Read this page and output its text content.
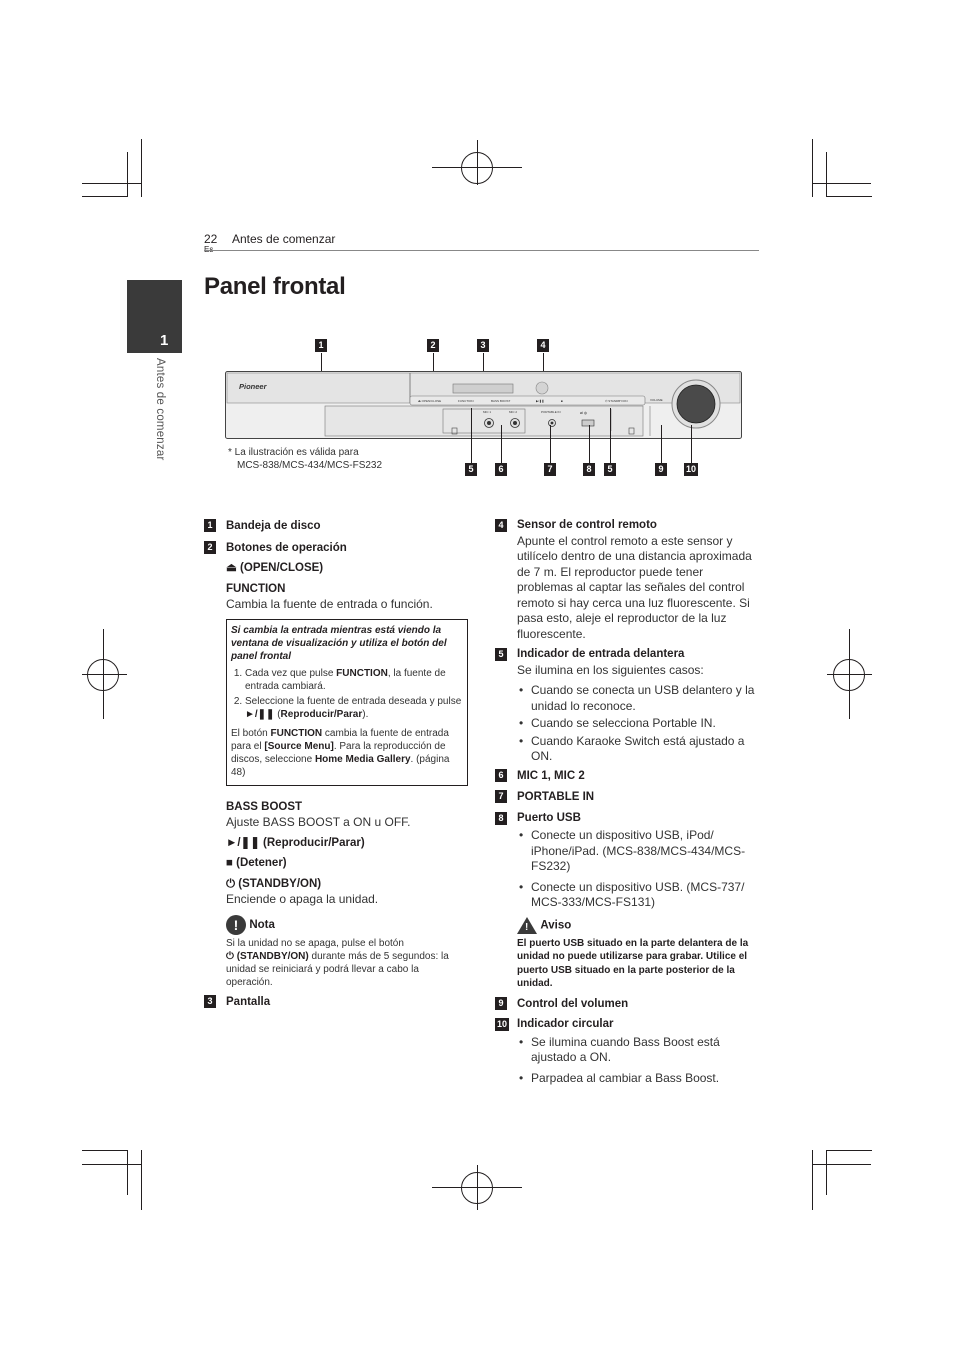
1
Antes de comenzar
22 Antes de comenzar
Panel frontal
1	2	3	4
Pioneer
⏏ OPEN/CLOSE	FUNCTION	BASS BOOST	▶/❚❚	■	⏻ STANDBY/ON	VOLUME
MIC 1	MIC 2	PORTABLE IN	⇌ ◍
5	6	7	8	5	9	10
* La ilustración es válida para
MCS-838/MCS-434/MCS-FS232
1	Bandeja de disco
2	Botones de operación
⏏ (OPEN/CLOSE)
FUNCTION
Cambia la fuente de entrada o función.
Si cambia la entrada mientras está viendo la ventana de visualización y utiliza el botón del panel frontal
1. Cada vez que pulse FUNCTION, la fuente de entrada cambiará.
2. Seleccione la fuente de entrada deseada y pulse ►/❚❚ (Reproducir/Parar).
El botón FUNCTION cambia la fuente de entrada para el [Source Menu]. Para la reproducción de discos, seleccione Home Media Gallery. (página 48)
BASS BOOST
Ajuste BASS BOOST a ON u OFF.
►/❚❚ (Reproducir/Parar)
■ (Detener)
⏻ (STANDBY/ON)
Enciende o apaga la unidad.
! Nota
Si la unidad no se apaga, pulse el botón
⏻ (STANDBY/ON) durante más de 5 segundos: la unidad se reiniciará y podrá llevar a cabo la operación.
3	Pantalla
4	Sensor de control remoto
Apunte el control remoto a este sensor y utilícelo dentro de una distancia aproximada de 7 m. El reproductor puede tener problemas al captar las señales del control remoto si hay cerca una luz fluorescente. Si pasa esto, aleje el reproductor de la luz fluorescente.
5	Indicador de entrada delantera
Se ilumina en los siguientes casos:
• Cuando se conecta un USB delantero y la unidad lo reconoce.
• Cuando se selecciona Portable IN.
• Cuando Karaoke Switch está ajustado a ON.
6	MIC 1, MIC 2
7	PORTABLE IN
8	Puerto USB
• Conecte un dispositivo USB, iPod/ iPhone/iPad. (MCS-838/MCS-434/MCS-FS232)
• Conecte un dispositivo USB. (MCS-737/ MCS-333/MCS-FS131)
! Aviso
El puerto USB situado en la parte delantera de la unidad no puede utilizarse para grabar. Utilice el puerto USB situado en la parte posterior de la unidad.
9	Control del volumen
10 Indicador circular
• Se ilumina cuando Bass Boost está ajustado a ON.
• Parpadea al cambiar a Bass Boost.
